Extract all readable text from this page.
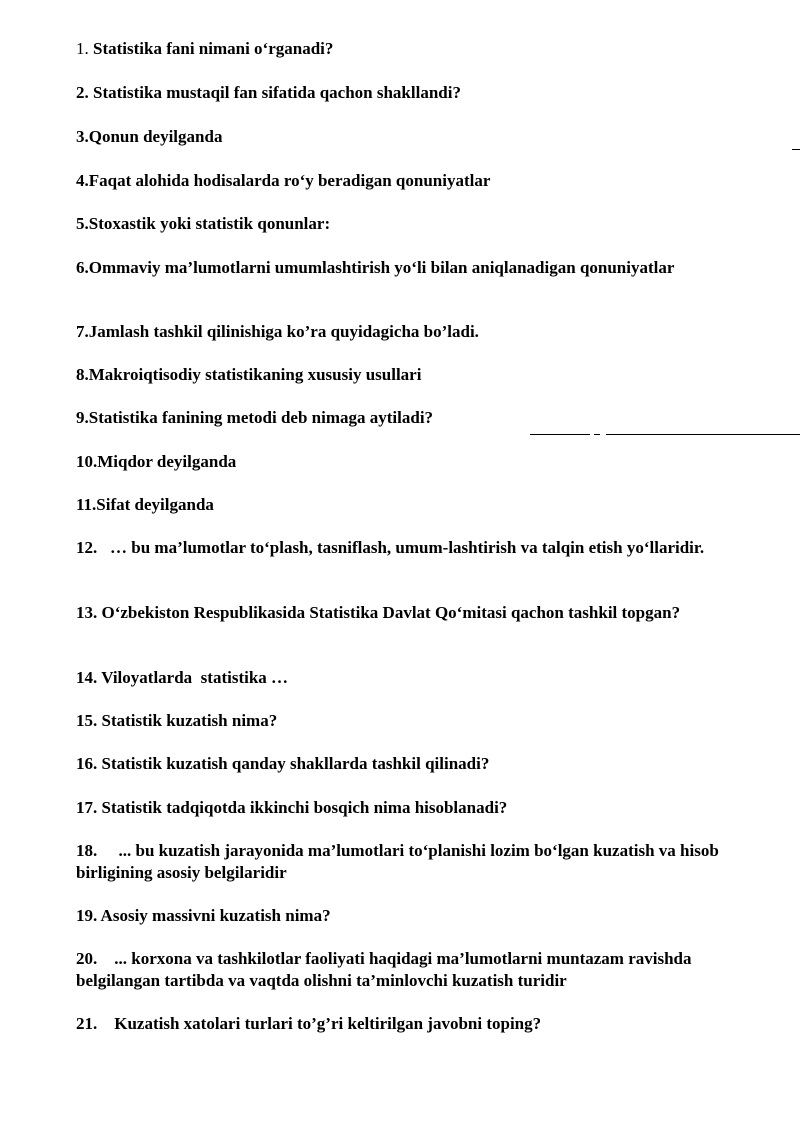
1. Statistika fani nimani o‘rganadi?
2. Statistika mustaqil fan sifatida qachon shakllandi?
3.Qonun deyilganda
4.Faqat alohida hodisalarda ro‘y beradigan qonuniyatlar
5.Stoxastik yoki statistik qonunlar:
6.Ommaviy ma’lumotlarni umumlashtirish yo‘li bilan aniqlanadigan qonuniyatlar
7.Jamlash tashkil qilinishiga ko’ra quyidagicha bo’ladi.
8.Makroiqtisodiy statistikaning xususiy usullari
9.Statistika fanining metodi deb nimaga aytiladi?
10.Miqdor deyilganda
11.Sifat deyilganda
12.   … bu ma’lumotlar to‘plash, tasniflash, umum-lashtirish va talqin etish yo‘llaridir.
13. O‘zbekiston Respublikasida Statistika Davlat Qo‘mitasi qachon tashkil topgan?
14. Viloyatlarda  statistika …
15. Statistik kuzatish nima?
16. Statistik kuzatish qanday shakllarda tashkil qilinadi?
17. Statistik tadqiqotda ikkinchi bosqich nima hisoblanadi?
18.     ... bu kuzatish jarayonida ma’lumotlari to‘planishi lozim bo‘lgan kuzatish va hisob birligining asosiy belgilaridir
19. Asosiy massivni kuzatish nima?
20.    ... korxona va tashkilotlar faoliyati haqidagi ma’lumotlarni muntazam ravishda belgilangan tartibda va vaqtda olishni ta’minlovchi kuzatish turidir
21.    Kuzatish xatolari turlari to’g’ri keltirilgan javobni toping?
